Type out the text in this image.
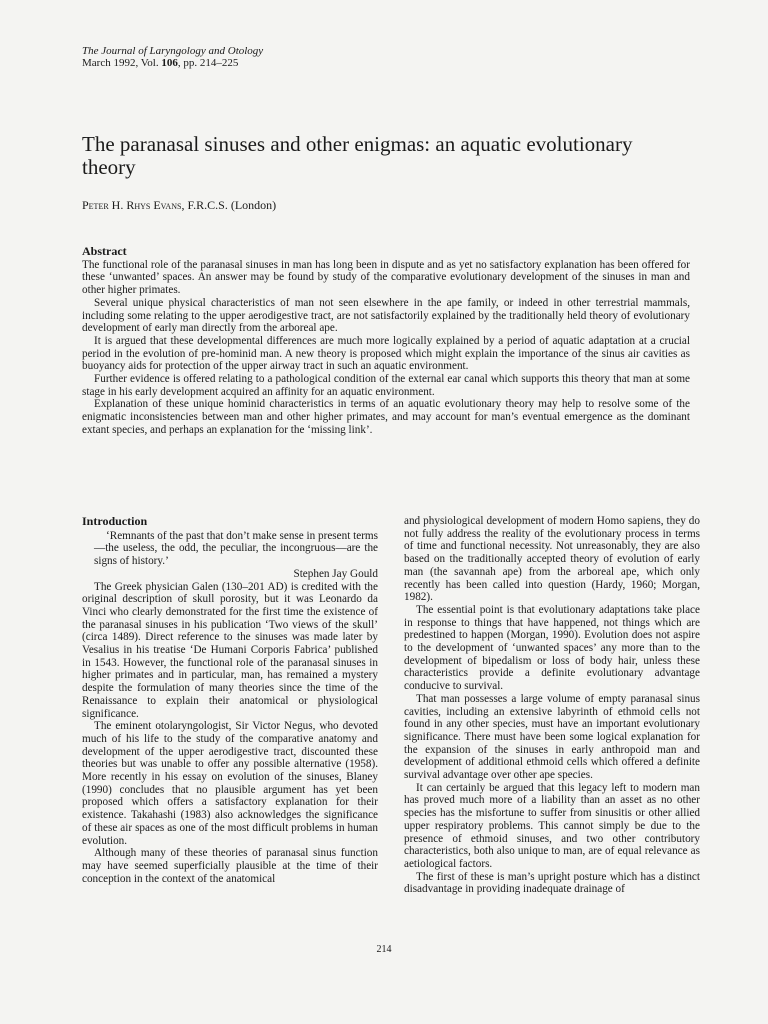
The Journal of Laryngology and Otology
March 1992, Vol. 106, pp. 214–225
The paranasal sinuses and other enigmas: an aquatic evolutionary theory
Peter H. Rhys Evans, F.R.C.S. (London)
Abstract

The functional role of the paranasal sinuses in man has long been in dispute and as yet no satisfactory explanation has been offered for these ‘unwanted’ spaces. An answer may be found by study of the comparative evolutionary development of the sinuses in man and other higher primates.

Several unique physical characteristics of man not seen elsewhere in the ape family, or indeed in other terrestrial mammals, including some relating to the upper aerodigestive tract, are not satisfactorily explained by the traditionally held theory of evolutionary development of early man directly from the arboreal ape.

It is argued that these developmental differences are much more logically explained by a period of aquatic adaptation at a crucial period in the evolution of pre-hominid man. A new theory is proposed which might explain the importance of the sinus air cavities as buoyancy aids for protection of the upper airway tract in such an aquatic environment.

Further evidence is offered relating to a pathological condition of the external ear canal which supports this theory that man at some stage in his early development acquired an affinity for an aquatic environment.

Explanation of these unique hominid characteristics in terms of an aquatic evolutionary theory may help to resolve some of the enigmatic inconsistencies between man and other higher primates, and may account for man’s eventual emergence as the dominant extant species, and perhaps an explanation for the ‘missing link’.

Introduction

‘Remnants of the past that don’t make sense in present terms—the useless, the odd, the peculiar, the incongruous—are the signs of history.’

Stephen Jay Gould

The Greek physician Galen (130–201 AD) is credited with the original description of skull porosity, but it was Leonardo da Vinci who clearly demonstrated for the first time the existence of the paranasal sinuses in his publication ‘Two views of the skull’ (circa 1489). Direct reference to the sinuses was made later by Vesalius in his treatise ‘De Humani Corporis Fabrica’ published in 1543. However, the functional role of the paranasal sinuses in higher primates and in particular, man, has remained a mystery despite the formulation of many theories since the time of the Renaissance to explain their anatomical or physiological significance.

The eminent otolaryngologist, Sir Victor Negus, who devoted much of his life to the study of the comparative anatomy and development of the upper aerodigestive tract, discounted these theories but was unable to offer any possible alternative (1958). More recently in his essay on evolution of the sinuses, Blaney (1990) concludes that no plausible argument has yet been proposed which offers a satisfactory explanation for their existence. Takahashi (1983) also acknowledges the significance of these air spaces as one of the most difficult problems in human evolution.

Although many of these theories of paranasal sinus function may have seemed superficially plausible at the time of their conception in the context of the anatomical

and physiological development of modern Homo sapiens, they do not fully address the reality of the evolutionary process in terms of time and functional necessity. Not unreasonably, they are also based on the traditionally accepted theory of evolution of early man (the savannah ape) from the arboreal ape, which only recently has been called into question (Hardy, 1960; Morgan, 1982).

The essential point is that evolutionary adaptations take place in response to things that have happened, not things which are predestined to happen (Morgan, 1990). Evolution does not aspire to the development of ‘unwanted spaces’ any more than to the development of bipedalism or loss of body hair, unless these characteristics provide a definite evolutionary advantage conducive to survival.

That man possesses a large volume of empty paranasal sinus cavities, including an extensive labyrinth of ethmoid cells not found in any other species, must have an important evolutionary significance. There must have been some logical explanation for the expansion of the sinuses in early anthropoid man and development of additional ethmoid cells which offered a definite survival advantage over other ape species.

It can certainly be argued that this legacy left to modern man has proved much more of a liability than an asset as no other species has the misfortune to suffer from sinusitis or other allied upper respiratory problems. This cannot simply be due to the presence of ethmoid sinuses, and two other contributory characteristics, both also unique to man, are of equal relevance as aetiological factors.

The first of these is man’s upright posture which has a distinct disadvantage in providing inadequate drainage of

214
